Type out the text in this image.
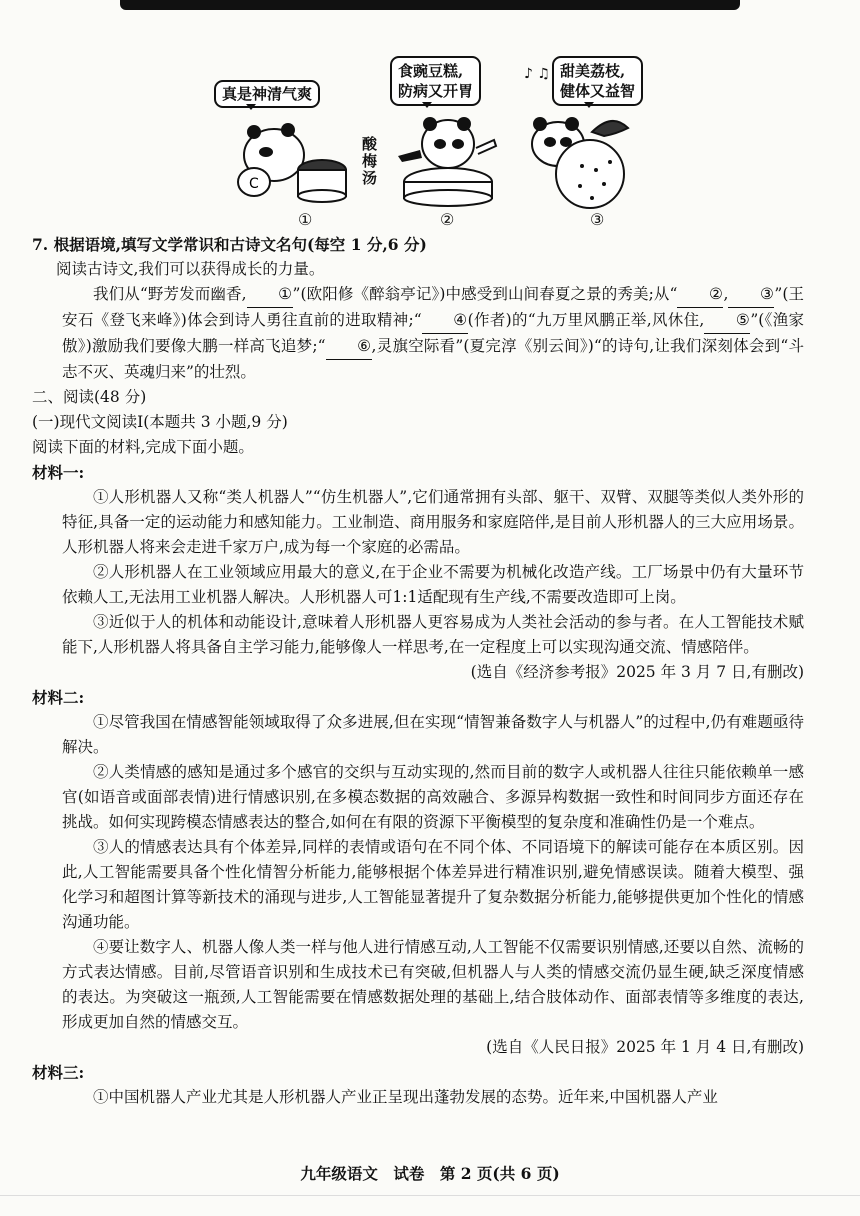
真是神清气爽
C
酸梅汤
①
食豌豆糕,
防病又开胃
②
♪ ♫ 甜美荔枝,
健体又益智
③

7. 根据语境,填写文学常识和古诗文名句(每空 1 分,6 分)

阅读古诗文,我们可以获得成长的力量。

我们从“野芳发而幽香, ①”(欧阳修《醉翁亭记》)中感受到山间春夏之景的秀美;从“ ②, ③”(王安石《登飞来峰》)体会到诗人勇往直前的进取精神;“ ④(作者)的“九万里风鹏正举,风休住, ⑤”(《渔家傲》)激励我们要像大鹏一样高飞追梦;“ ⑥,灵旗空际看”(夏完淳《别云间》)“的诗句,让我们深刻体会到“斗志不灭、英魂归来”的壮烈。

二、阅读(48 分)

(一)现代文阅读Ⅰ(本题共 3 小题,9 分)

阅读下面的材料,完成下面小题。

材料一:

①人形机器人又称“类人机器人”“仿生机器人”,它们通常拥有头部、躯干、双臂、双腿等类似人类外形的特征,具备一定的运动能力和感知能力。工业制造、商用服务和家庭陪伴,是目前人形机器人的三大应用场景。人形机器人将来会走进千家万户,成为每一个家庭的必需品。

②人形机器人在工业领域应用最大的意义,在于企业不需要为机械化改造产线。工厂场景中仍有大量环节依赖人工,无法用工业机器人解决。人形机器人可1:1适配现有生产线,不需要改造即可上岗。

③近似于人的机体和动能设计,意味着人形机器人更容易成为人类社会活动的参与者。在人工智能技术赋能下,人形机器人将具备自主学习能力,能够像人一样思考,在一定程度上可以实现沟通交流、情感陪伴。

(选自《经济参考报》2025 年 3 月 7 日,有删改)

材料二:

①尽管我国在情感智能领域取得了众多进展,但在实现“情智兼备数字人与机器人”的过程中,仍有难题亟待解决。

②人类情感的感知是通过多个感官的交织与互动实现的,然而目前的数字人或机器人往往只能依赖单一感官(如语音或面部表情)进行情感识别,在多模态数据的高效融合、多源异构数据一致性和时间同步方面还存在挑战。如何实现跨模态情感表达的整合,如何在有限的资源下平衡模型的复杂度和准确性仍是一个难点。

③人的情感表达具有个体差异,同样的表情或语句在不同个体、不同语境下的解读可能存在本质区别。因此,人工智能需要具备个性化情智分析能力,能够根据个体差异进行精准识别,避免情感误读。随着大模型、强化学习和超图计算等新技术的涌现与进步,人工智能显著提升了复杂数据分析能力,能够提供更加个性化的情感沟通功能。

④要让数字人、机器人像人类一样与他人进行情感互动,人工智能不仅需要识别情感,还要以自然、流畅的方式表达情感。目前,尽管语音识别和生成技术已有突破,但机器人与人类的情感交流仍显生硬,缺乏深度情感的表达。为突破这一瓶颈,人工智能需要在情感数据处理的基础上,结合肢体动作、面部表情等多维度的表达,形成更加自然的情感交互。

(选自《人民日报》2025 年 1 月 4 日,有删改)

材料三:

①中国机器人产业尤其是人形机器人产业正呈现出蓬勃发展的态势。近年来,中国机器人产业

九年级语文　试卷　第 2 页(共 6 页)
